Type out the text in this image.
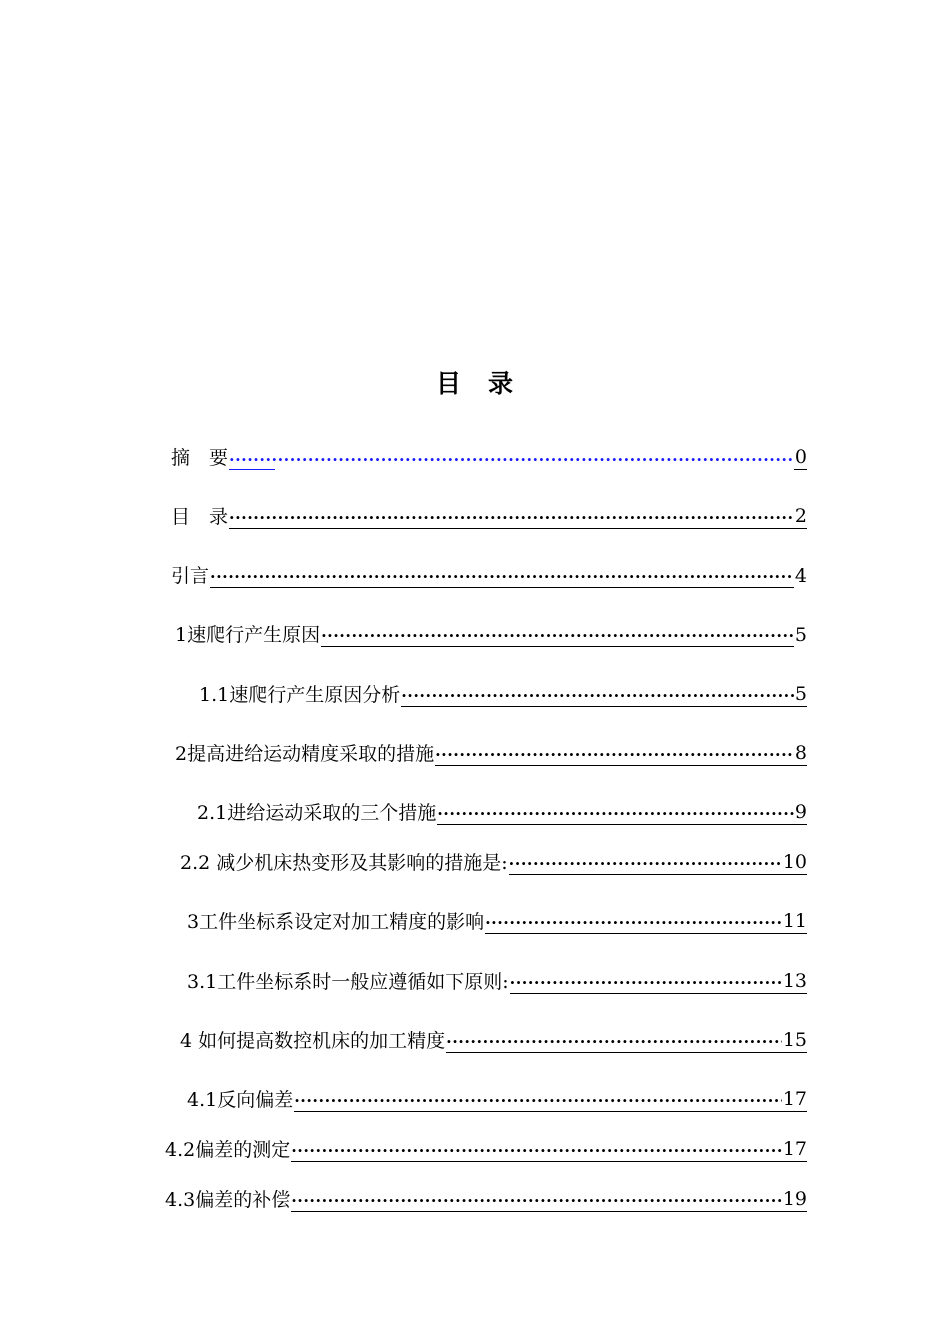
目　录
摘　要 ·····	0
目　录 ·····	2
引言 ·····	4
1速爬行产生原因 ·····	5
1.1速爬行产生原因分析 ·····	5
2提高进给运动精度采取的措施 ·····	8
2.1进给运动采取的三个措施 ·····	9
2.2 减少机床热变形及其影响的措施是: ·····	10
3工件坐标系设定对加工精度的影响 ·····	11
3.1工件坐标系时一般应遵循如下原则: ·····	13
4 如何提高数控机床的加工精度 ·····	15
4.1反向偏差 ·····	17
4.2偏差的测定 ·····	17
4.3偏差的补偿 ·····	19
